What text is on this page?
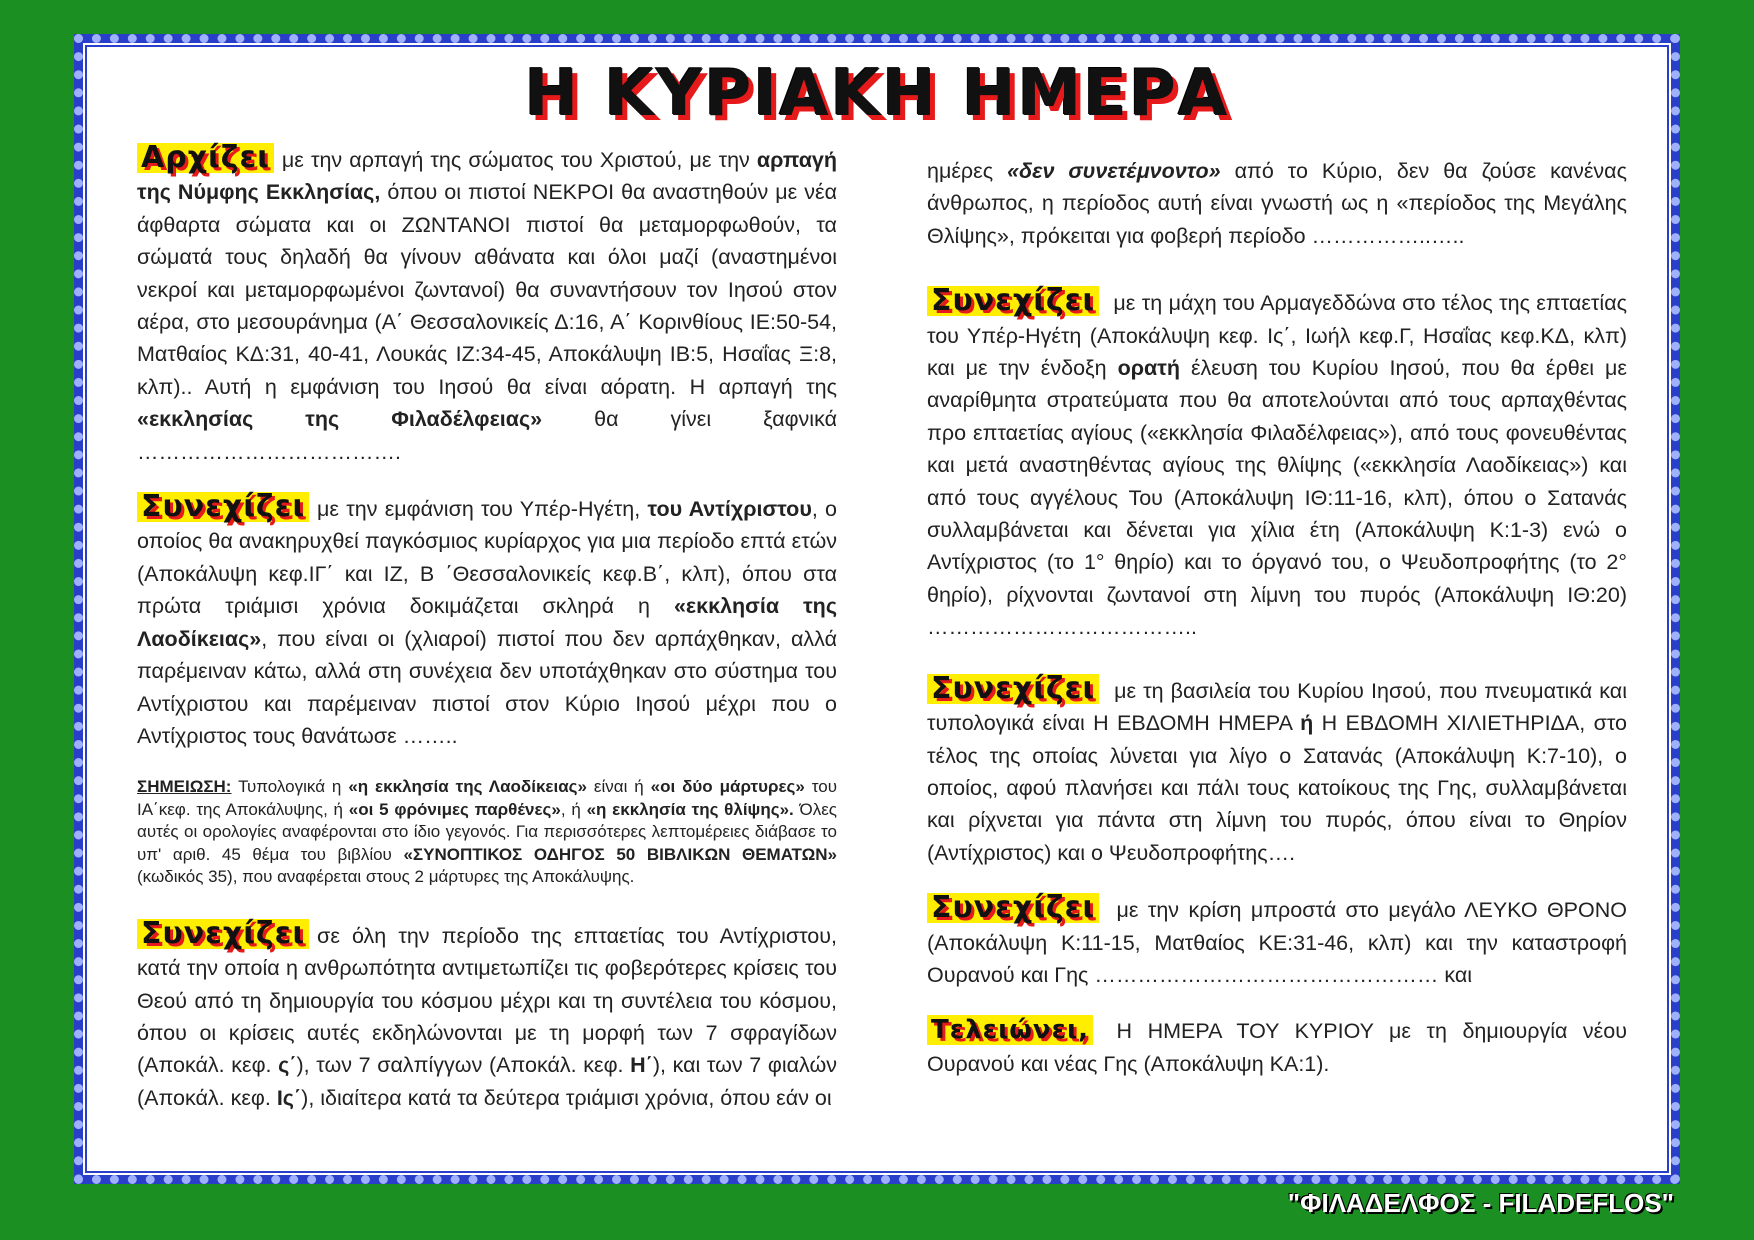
Η ΚΥΡΙΑΚΗ ΗΜΕΡΑ

Αρχίζει με την αρπαγή της σώματος του Χριστού, με την αρπαγή της Νύμφης Εκκλησίας, όπου οι πιστοί ΝΕΚΡΟΙ θα αναστηθούν με νέα άφθαρτα σώματα και οι ΖΩΝΤΑΝΟΙ πιστοί θα μεταμορφωθούν, τα σώματά τους δηλαδή θα γίνουν αθάνατα και όλοι μαζί (αναστημένοι νεκροί και μεταμορφωμένοι ζωντανοί) θα συναντήσουν τον Ιησού στον αέρα, στο μεσουράνημα (Α΄ Θεσσαλονικείς Δ:16, Α΄ Κορινθίους ΙΕ:50-54, Ματθαίος ΚΔ:31, 40-41, Λουκάς ΙΖ:34-45, Αποκάλυψη ΙΒ:5, Ησαΐας Ξ:8, κλπ).. Αυτή η εμφάνιση του Ιησού θα είναι αόρατη. Η αρπαγή της «εκκλησίας της Φιλαδέλφειας» θα γίνει ξαφνικά ……………………………….

Συνεχίζει με την εμφάνιση του Υπέρ-Ηγέτη, του Αντίχριστου, ο οποίος θα ανακηρυχθεί παγκόσμιος κυρίαρχος για μια περίοδο επτά ετών (Αποκάλυψη κεφ.ΙΓ΄ και ΙΖ, Β ΄Θεσσαλονικείς κεφ.Β΄, κλπ), όπου στα πρώτα τριάμισι χρόνια δοκιμάζεται σκληρά η «εκκλησία της Λαοδίκειας», που είναι οι (χλιαροί) πιστοί που δεν αρπάχθηκαν, αλλά παρέμειναν κάτω, αλλά στη συνέχεια δεν υποτάχθηκαν στο σύστημα του Αντίχριστου και παρέμειναν πιστοί στον Κύριο Ιησού μέχρι που ο Αντίχριστος τους θανάτωσε ……..

ΣΗΜΕΙΩΣΗ: Τυπολογικά η «η εκκλησία της Λαοδίκειας» είναι ή «οι δύο μάρτυρες» του ΙΑ΄κεφ. της Αποκάλυψης, ή «οι 5 φρόνιμες παρθένες», ή «η εκκλησία της θλίψης». Όλες αυτές οι ορολογίες αναφέρονται στο ίδιο γεγονός. Για περισσότερες λεπτομέρειες διάβασε το υπ' αριθ. 45 θέμα του βιβλίου «ΣΥΝΟΠΤΙΚΟΣ ΟΔΗΓΟΣ 50 ΒΙΒΛΙΚΩΝ ΘΕΜΑΤΩΝ» (κωδικός 35), που αναφέρεται στους 2 μάρτυρες της Αποκάλυψης.

Συνεχίζει σε όλη την περίοδο της επταετίας του Αντίχριστου, κατά την οποία η ανθρωπότητα αντιμετωπίζει τις φοβερότερες κρίσεις του Θεού από τη δημιουργία του κόσμου μέχρι και τη συντέλεια του κόσμου, όπου οι κρίσεις αυτές εκδηλώνονται με τη μορφή των 7 σφραγίδων (Αποκάλ. κεφ. ς΄), των 7 σαλπίγγων (Αποκάλ. κεφ. Η΄), και των 7 φιαλών (Αποκάλ. κεφ. Ις΄), ιδιαίτερα κατά τα δεύτερα τριάμισι χρόνια, όπου εάν οι

ημέρες «δεν συνετέμνοντο» από το Κύριο, δεν θα ζούσε κανένας άνθρωπος, η περίοδος αυτή είναι γνωστή ως η «περίοδος της Μεγάλης Θλίψης», πρόκειται για φοβερή περίοδο ……………..…..

Συνεχίζει με τη μάχη του Αρμαγεδδώνα στο τέλος της επταετίας του Υπέρ-Ηγέτη (Αποκάλυψη κεφ. Ις΄, Ιωήλ κεφ.Γ, Ησαΐας κεφ.ΚΔ, κλπ) και με την ένδοξη ορατή έλευση του Κυρίου Ιησού, που θα έρθει με αναρίθμητα στρατεύματα που θα αποτελούνται από τους αρπαχθέντας προ επταετίας αγίους («εκκλησία Φιλαδέλφειας»), από τους φονευθέντας και μετά αναστηθέντας αγίους της θλίψης («εκκλησία Λαοδίκειας») και από τους αγγέλους Του (Αποκάλυψη ΙΘ:11-16, κλπ), όπου ο Σατανάς συλλαμβάνεται και δένεται για χίλια έτη (Αποκάλυψη Κ:1-3) ενώ ο Αντίχριστος (το 1° θηρίο) και το όργανό του, ο Ψευδοπροφήτης (το 2° θηρίο), ρίχνονται ζωντανοί στη λίμνη του πυρός (Αποκάλυψη ΙΘ:20) ………………………………..

Συνεχίζει με τη βασιλεία του Κυρίου Ιησού, που πνευματικά και τυπολογικά είναι Η ΕΒΔΟΜΗ ΗΜΕΡΑ ή Η ΕΒΔΟΜΗ ΧΙΛΙΕΤΗΡΙΔΑ, στο τέλος της οποίας λύνεται για λίγο ο Σατανάς (Αποκάλυψη Κ:7-10), ο οποίος, αφού πλανήσει και πάλι τους κατοίκους της Γης, συλλαμβάνεται και ρίχνεται για πάντα στη λίμνη του πυρός, όπου είναι το Θηρίον (Αντίχριστος) και ο Ψευδοπροφήτης….

Συνεχίζει με την κρίση μπροστά στο μεγάλο ΛΕΥΚΟ ΘΡΟΝΟ (Αποκάλυψη Κ:11-15, Ματθαίος ΚΕ:31-46, κλπ) και την καταστροφή Ουρανού και Γης ………………………………………… και

Τελειώνει, Η ΗΜΕΡΑ ΤΟΥ ΚΥΡΙΟΥ με τη δημιουργία νέου Ουρανού και νέας Γης (Αποκάλυψη ΚΑ:1).

"ΦΙΛΑΔΕΛΦΟΣ - FILADEFLOS"
